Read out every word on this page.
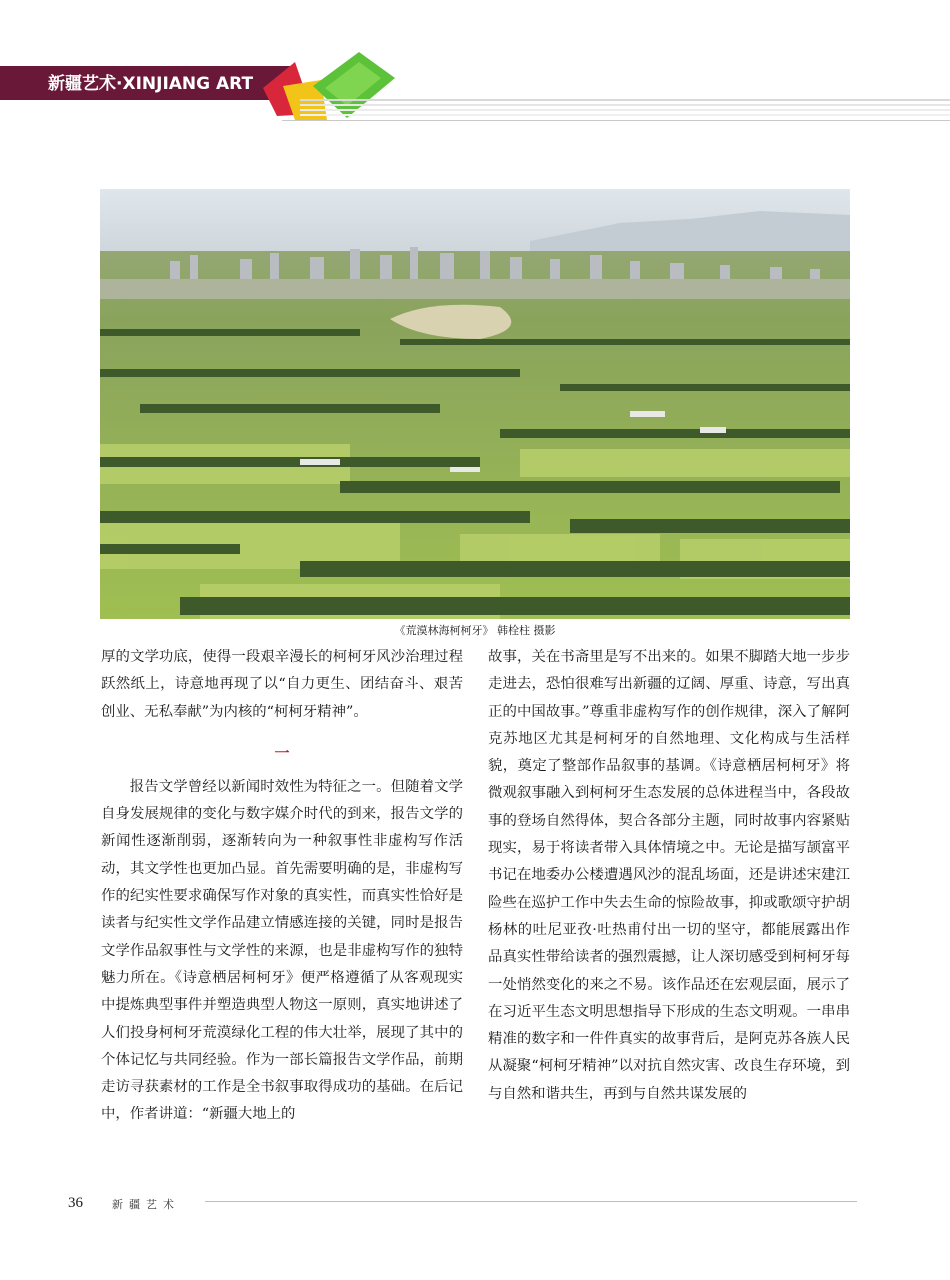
新疆艺术·XINJIANG ART
《荒漠林海柯柯牙》 韩栓柱 摄影

厚的文学功底，使得一段艰辛漫长的柯柯牙风沙治理过程跃然纸上，诗意地再现了以“自力更生、团结奋斗、艰苦创业、无私奉献”为内核的“柯柯牙精神”。

一

报告文学曾经以新闻时效性为特征之一。但随着文学自身发展规律的变化与数字媒介时代的到来，报告文学的新闻性逐渐削弱，逐渐转向为一种叙事性非虚构写作活动，其文学性也更加凸显。首先需要明确的是，非虚构写作的纪实性要求确保写作对象的真实性，而真实性恰好是读者与纪实性文学作品建立情感连接的关键，同时是报告文学作品叙事性与文学性的来源，也是非虚构写作的独特魅力所在。《诗意栖居柯柯牙》便严格遵循了从客观现实中提炼典型事件并塑造典型人物这一原则，真实地讲述了人们投身柯柯牙荒漠绿化工程的伟大壮举，展现了其中的个体记忆与共同经验。作为一部长篇报告文学作品，前期走访寻获素材的工作是全书叙事取得成功的基础。在后记中，作者讲道：“新疆大地上的

故事，关在书斋里是写不出来的。如果不脚踏大地一步步走进去，恐怕很难写出新疆的辽阔、厚重、诗意，写出真正的中国故事。”尊重非虚构写作的创作规律，深入了解阿克苏地区尤其是柯柯牙的自然地理、文化构成与生活样貌，奠定了整部作品叙事的基调。《诗意栖居柯柯牙》将微观叙事融入到柯柯牙生态发展的总体进程当中，各段故事的登场自然得体，契合各部分主题，同时故事内容紧贴现实，易于将读者带入具体情境之中。无论是描写颉富平书记在地委办公楼遭遇风沙的混乱场面，还是讲述宋建江险些在巡护工作中失去生命的惊险故事，抑或歌颂守护胡杨林的吐尼亚孜·吐热甫付出一切的坚守，都能展露出作品真实性带给读者的强烈震撼，让人深切感受到柯柯牙每一处悄然变化的来之不易。该作品还在宏观层面，展示了在习近平生态文明思想指导下形成的生态文明观。一串串精准的数字和一件件真实的故事背后，是阿克苏各族人民从凝聚“柯柯牙精神”以对抗自然灾害、改良生存环境，到与自然和谐共生，再到与自然共谋发展的

36	新疆艺术
